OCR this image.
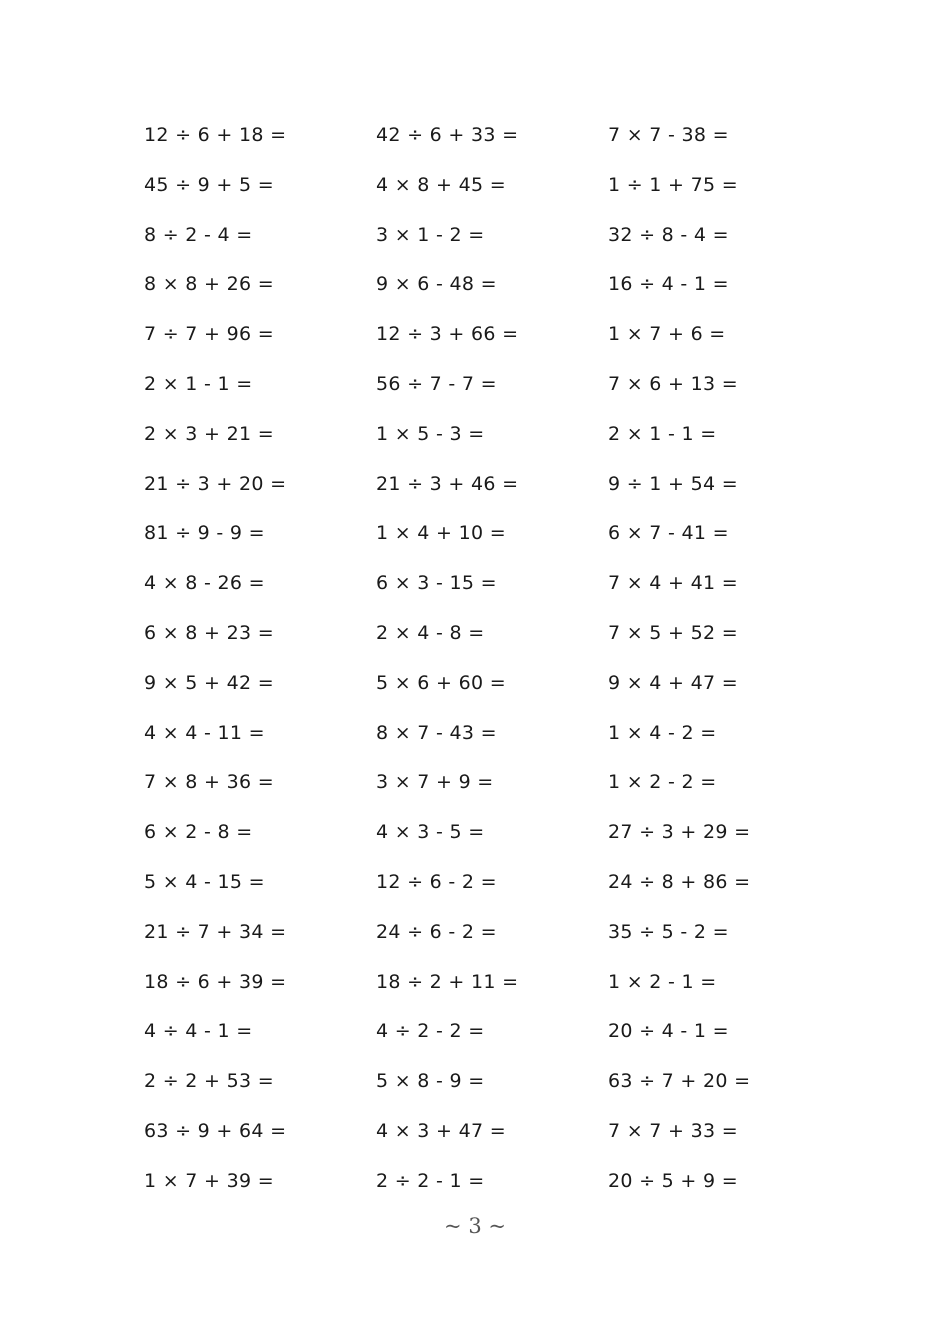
12 ÷ 6 + 18 =	42 ÷ 6 + 33 =	7 × 7 - 38 =
45 ÷ 9 + 5 =	4 × 8 + 45 =	1 ÷ 1 + 75 =
8 ÷ 2 - 4 =	3 × 1 - 2 =	32 ÷ 8 - 4 =
8 × 8 + 26 =	9 × 6 - 48 =	16 ÷ 4 - 1 =
7 ÷ 7 + 96 =	12 ÷ 3 + 66 =	1 × 7 + 6 =
2 × 1 - 1 =	56 ÷ 7 - 7 =	7 × 6 + 13 =
2 × 3 + 21 =	1 × 5 - 3 =	2 × 1 - 1 =
21 ÷ 3 + 20 =	21 ÷ 3 + 46 =	9 ÷ 1 + 54 =
81 ÷ 9 - 9 =	1 × 4 + 10 =	6 × 7 - 41 =
4 × 8 - 26 =	6 × 3 - 15 =	7 × 4 + 41 =
6 × 8 + 23 =	2 × 4 - 8 =	7 × 5 + 52 =
9 × 5 + 42 =	5 × 6 + 60 =	9 × 4 + 47 =
4 × 4 - 11 =	8 × 7 - 43 =	1 × 4 - 2 =
7 × 8 + 36 =	3 × 7 + 9 =	1 × 2 - 2 =
6 × 2 - 8 =	4 × 3 - 5 =	27 ÷ 3 + 29 =
5 × 4 - 15 =	12 ÷ 6 - 2 =	24 ÷ 8 + 86 =
21 ÷ 7 + 34 =	24 ÷ 6 - 2 =	35 ÷ 5 - 2 =
18 ÷ 6 + 39 =	18 ÷ 2 + 11 =	1 × 2 - 1 =
4 ÷ 4 - 1 =	4 ÷ 2 - 2 =	20 ÷ 4 - 1 =
2 ÷ 2 + 53 =	5 × 8 - 9 =	63 ÷ 7 + 20 =
63 ÷ 9 + 64 =	4 × 3 + 47 =	7 × 7 + 33 =
1 × 7 + 39 =	2 ÷ 2 - 1 =	20 ÷ 5 + 9 =
~ 3 ~
